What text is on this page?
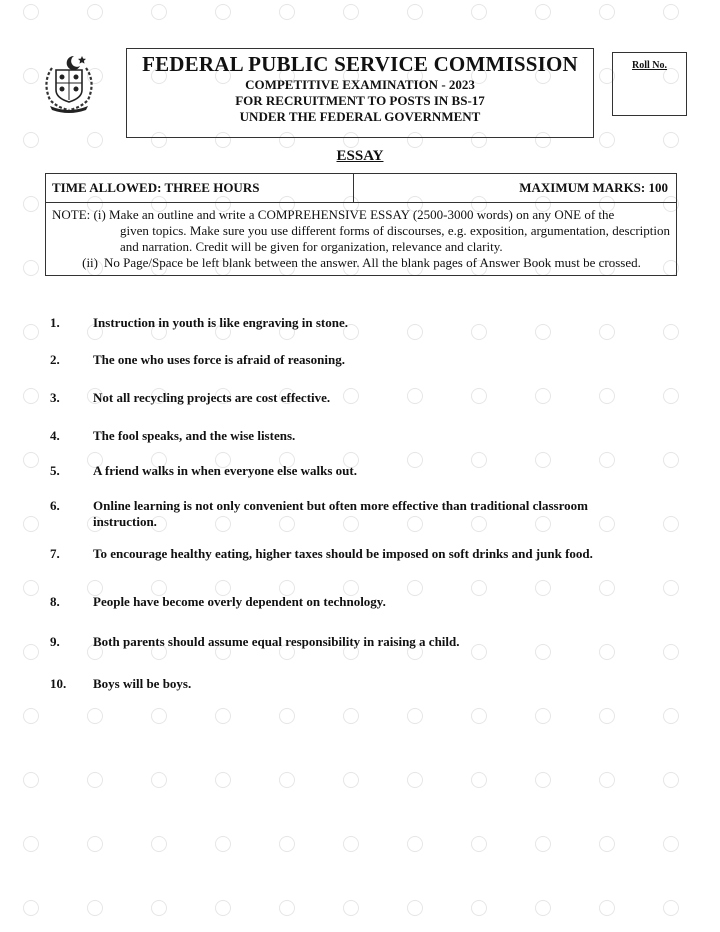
FEDERAL PUBLIC SERVICE COMMISSION
COMPETITIVE EXAMINATION - 2023
FOR RECRUITMENT TO POSTS IN BS-17
UNDER THE FEDERAL GOVERNMENT
Roll No.
ESSAY
TIME ALLOWED: THREE HOURS	MAXIMUM MARKS: 100
NOTE: (i) Make an outline and write a COMPREHENSIVE ESSAY (2500-3000 words) on any ONE of the
given topics. Make sure you use different forms of discourses, e.g. exposition, argumentation, description and narration. Credit will be given for organization, relevance and clarity.
(ii) No Page/Space be left blank between the answer. All the blank pages of Answer Book must be crossed.
1.	Instruction in youth is like engraving in stone.
2.	The one who uses force is afraid of reasoning.
3.	Not all recycling projects are cost effective.
4.	The fool speaks, and the wise listens.
5.	A friend walks in when everyone else walks out.
6.	Online learning is not only convenient but often more effective than traditional classroom instruction.
7.	To encourage healthy eating, higher taxes should be imposed on soft drinks and junk food.
8.	People have become overly dependent on technology.
9.	Both parents should assume equal responsibility in raising a child.
10. Boys will be boys.
